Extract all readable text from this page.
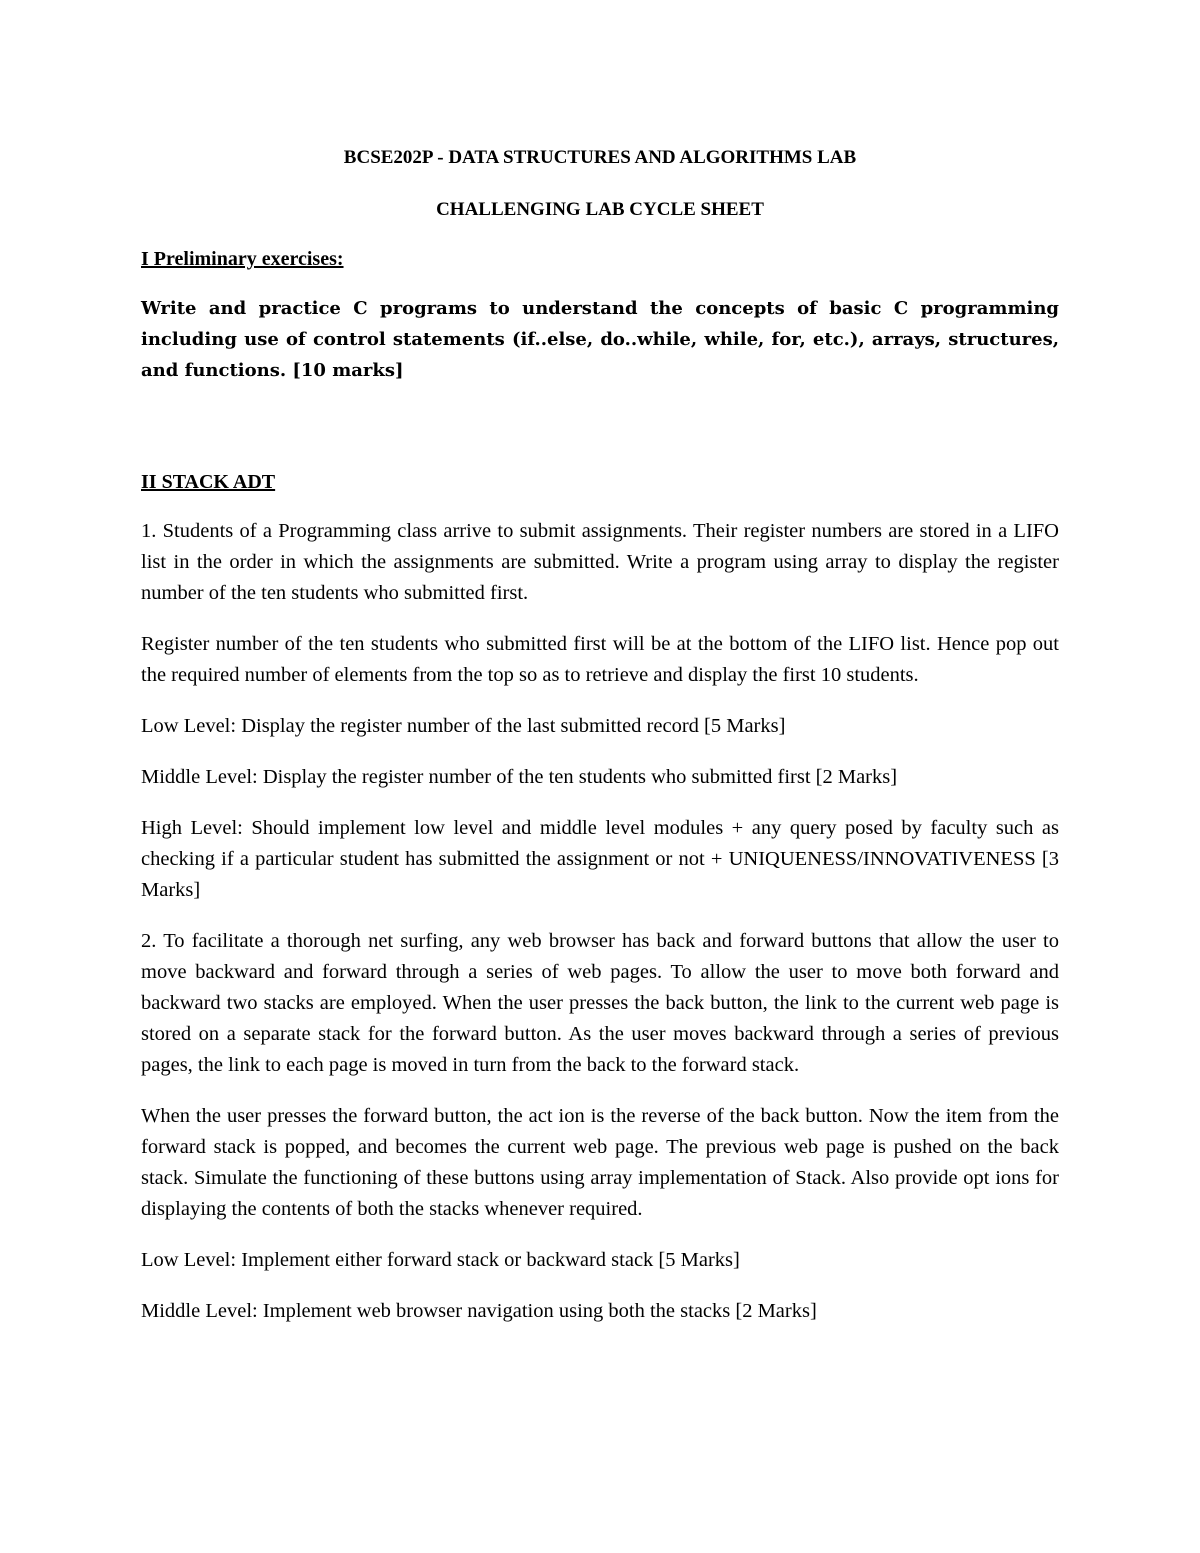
BCSE202P - DATA STRUCTURES AND ALGORITHMS LAB

CHALLENGING LAB CYCLE SHEET

I Preliminary exercises:

Write and practice C programs to understand the concepts of basic C programming including use of control statements (if..else, do..while, while, for, etc.), arrays, structures, and functions. [10 marks]

II STACK ADT

1. Students of a Programming class arrive to submit assignments. Their register numbers are stored in a LIFO list in the order in which the assignments are submitted. Write a program using array to display the register number of the ten students who submitted first.

Register number of the ten students who submitted first will be at the bottom of the LIFO list. Hence pop out the required number of elements from the top so as to retrieve and display the first 10 students.

Low Level: Display the register number of the last submitted record [5 Marks]

Middle Level: Display the register number of the ten students who submitted first [2 Marks]

High Level: Should implement low level and middle level modules + any query posed by faculty such as checking if a particular student has submitted the assignment or not + UNIQUENESS/INNOVATIVENESS [3 Marks]

2. To facilitate a thorough net surfing, any web browser has back and forward buttons that allow the user to move backward and forward through a series of web pages. To allow the user to move both forward and backward two stacks are employed. When the user presses the back button, the link to the current web page is stored on a separate stack for the forward button. As the user moves backward through a series of previous pages, the link to each page is moved in turn from the back to the forward stack.

When the user presses the forward button, the act ion is the reverse of the back button. Now the item from the forward stack is popped, and becomes the current web page. The previous web page is pushed on the back stack. Simulate the functioning of these buttons using array implementation of Stack. Also provide opt ions for displaying the contents of both the stacks whenever required.

Low Level: Implement either forward stack or backward stack [5 Marks]

Middle Level: Implement web browser navigation using both the stacks [2 Marks]
